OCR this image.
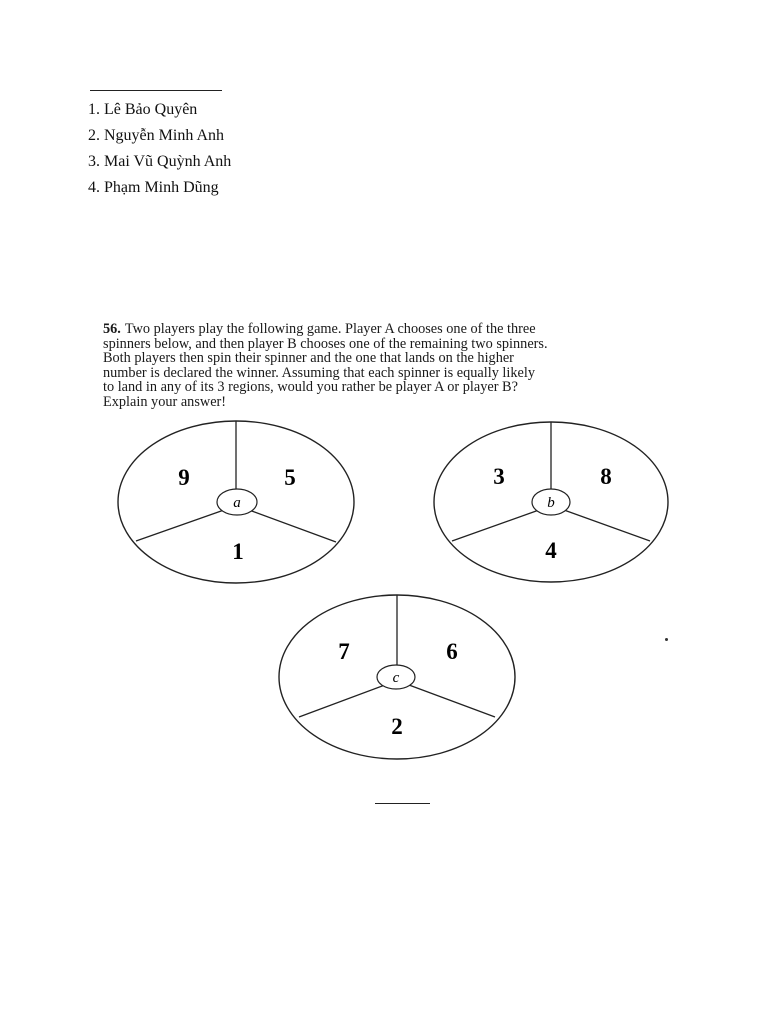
1. Lê Bảo Quyên
2. Nguyễn Minh Anh
3. Mai Vũ Quỳnh Anh
4. Phạm Minh Dũng

56. Two players play the following game. Player A chooses one of the three

spinners below, and then player B chooses one of the remaining two spinners.

Both players then spin their spinner and the one that lands on the higher

number is declared the winner. Assuming that each spinner is equally likely

to land in any of its 3 regions, would you rather be player A or player B?

Explain your answer!

a
9	5
1
b
3	8
4
c
7	6
2
